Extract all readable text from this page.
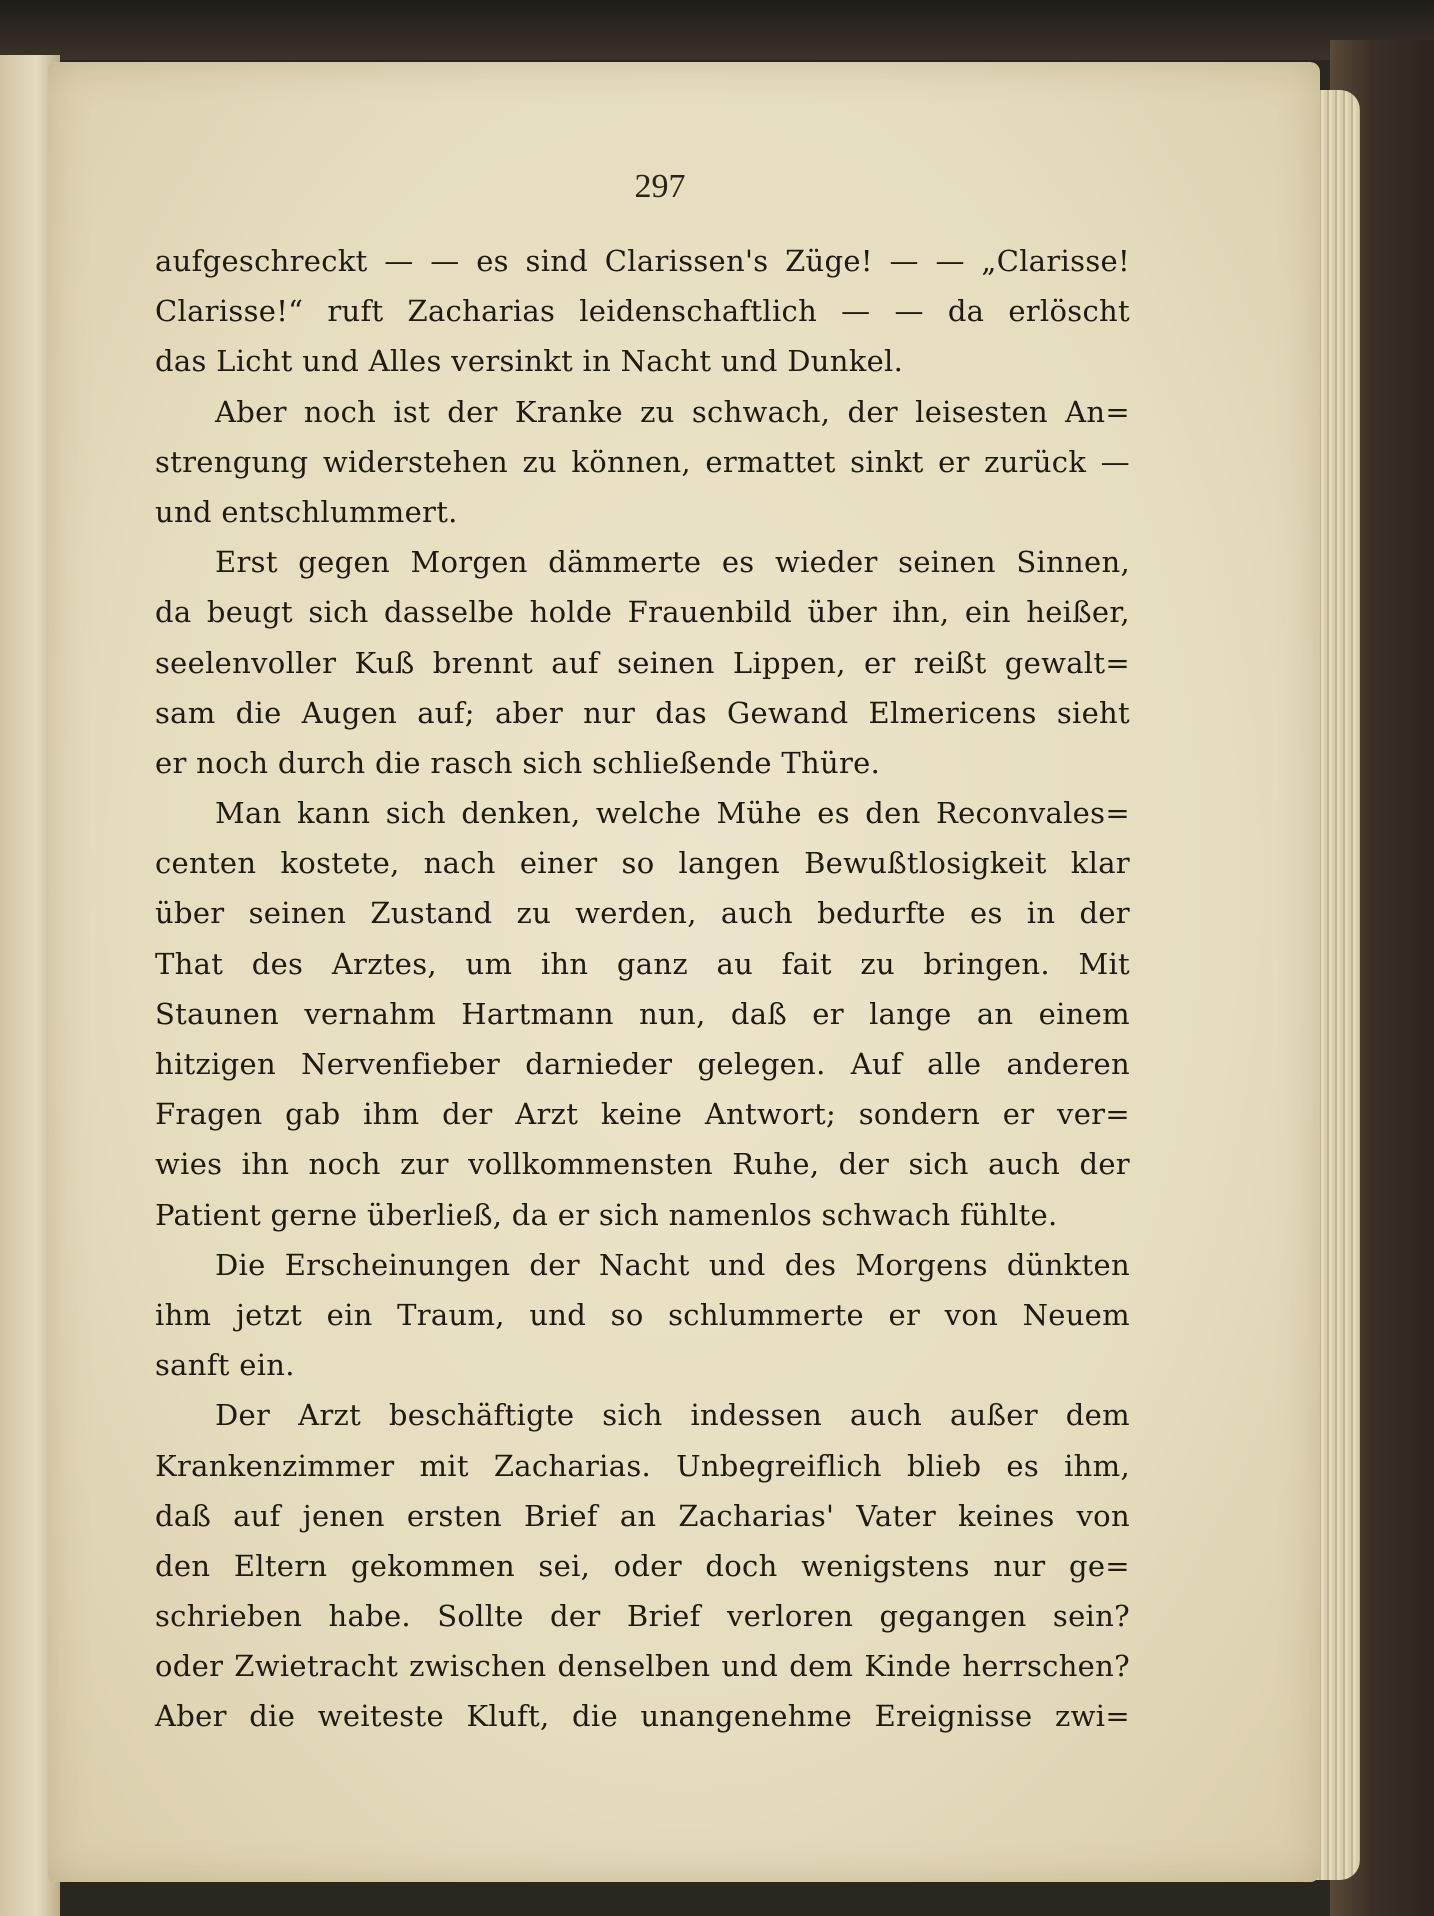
297
aufgeschreckt — — es sind Clarissen's Züge! — — „Clarisse!
Clarisse!“ ruft Zacharias leidenschaftlich — — da erlöscht
das Licht und Alles versinkt in Nacht und Dunkel.
Aber noch ist der Kranke zu schwach, der leisesten An=
strengung widerstehen zu können, ermattet sinkt er zurück —
und entschlummert.
Erst gegen Morgen dämmerte es wieder seinen Sinnen,
da beugt sich dasselbe holde Frauenbild über ihn, ein heißer,
seelenvoller Kuß brennt auf seinen Lippen, er reißt gewalt=
sam die Augen auf; aber nur das Gewand Elmericens sieht
er noch durch die rasch sich schließende Thüre.
Man kann sich denken, welche Mühe es den Reconvales=
centen kostete, nach einer so langen Bewußtlosigkeit klar
über seinen Zustand zu werden, auch bedurfte es in der
That des Arztes, um ihn ganz au fait zu bringen. Mit
Staunen vernahm Hartmann nun, daß er lange an einem
hitzigen Nervenfieber darnieder gelegen. Auf alle anderen
Fragen gab ihm der Arzt keine Antwort; sondern er ver=
wies ihn noch zur vollkommensten Ruhe, der sich auch der
Patient gerne überließ, da er sich namenlos schwach fühlte.
Die Erscheinungen der Nacht und des Morgens dünkten
ihm jetzt ein Traum, und so schlummerte er von Neuem
sanft ein.
Der Arzt beschäftigte sich indessen auch außer dem
Krankenzimmer mit Zacharias. Unbegreiflich blieb es ihm,
daß auf jenen ersten Brief an Zacharias' Vater keines von
den Eltern gekommen sei, oder doch wenigstens nur ge=
schrieben habe. Sollte der Brief verloren gegangen sein?
oder Zwietracht zwischen denselben und dem Kinde herrschen?
Aber die weiteste Kluft, die unangenehme Ereignisse zwi=
